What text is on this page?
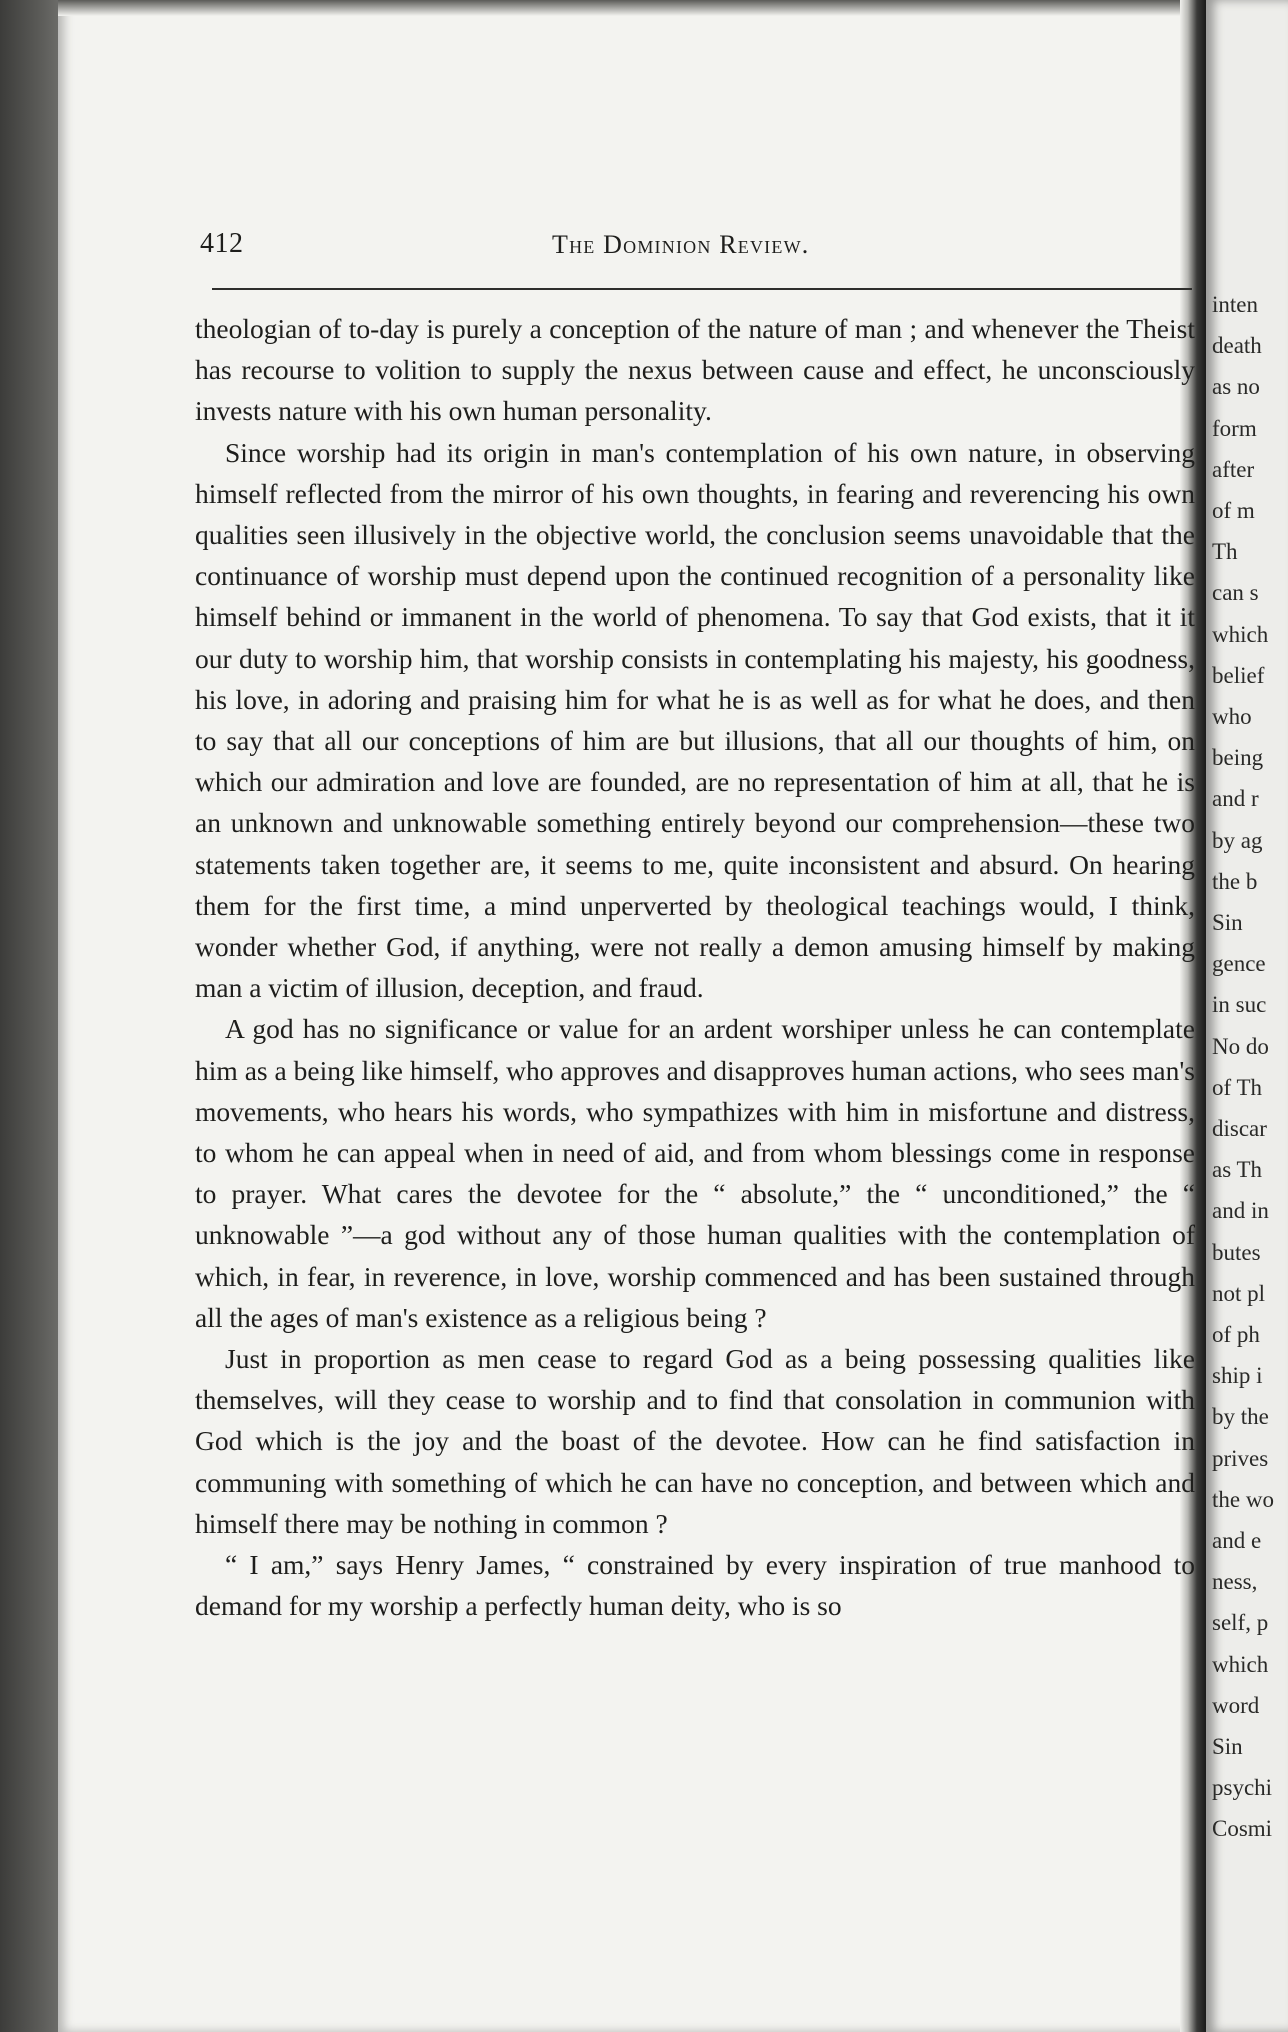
inten
death
as no
form
after
of m
Th
can s
which
belief
who
being
and r
by ag
the b
Sin
gence
in suc
No do
of Th
discar
as Th
and in
butes
not pl
of ph
ship i
by the
prives
the wo
and e
ness,
self, p
which
word
Sin
psychi
Cosmi
412	The Dominion Review.

theologian of to-day is purely a conception of the nature of man ; and whenever the Theist has recourse to volition to supply the nexus between cause and effect, he unconsciously invests nature with his own human personality.

Since worship had its origin in man's contemplation of his own nature, in observing himself reflected from the mirror of his own thoughts, in fearing and reverencing his own qualities seen illusively in the objective world, the conclusion seems unavoidable that the continuance of worship must depend upon the continued recognition of a personality like himself behind or immanent in the world of phenomena. To say that God exists, that it it our duty to worship him, that worship consists in contemplating his majesty, his goodness, his love, in adoring and praising him for what he is as well as for what he does, and then to say that all our conceptions of him are but illusions, that all our thoughts of him, on which our admiration and love are founded, are no representation of him at all, that he is an unknown and unknowable something entirely beyond our comprehension—these two statements taken together are, it seems to me, quite inconsistent and absurd. On hearing them for the first time, a mind unperverted by theological teachings would, I think, wonder whether God, if anything, were not really a demon amusing himself by making man a victim of illusion, deception, and fraud.

A god has no significance or value for an ardent worshiper unless he can contemplate him as a being like himself, who approves and disapproves human actions, who sees man's movements, who hears his words, who sympathizes with him in misfortune and distress, to whom he can appeal when in need of aid, and from whom blessings come in response to prayer. What cares the devotee for the “ absolute,” the “ unconditioned,” the “ unknowable ”—a god without any of those human qualities with the contemplation of which, in fear, in reverence, in love, worship commenced and has been sustained through all the ages of man's existence as a religious being ?

Just in proportion as men cease to regard God as a being possessing qualities like themselves, will they cease to worship and to find that consolation in communion with God which is the joy and the boast of the devotee. How can he find satisfaction in communing with something of which he can have no conception, and between which and himself there may be nothing in common ?

“ I am,” says Henry James, “ constrained by every inspiration of true manhood to demand for my worship a perfectly human deity, who is so
